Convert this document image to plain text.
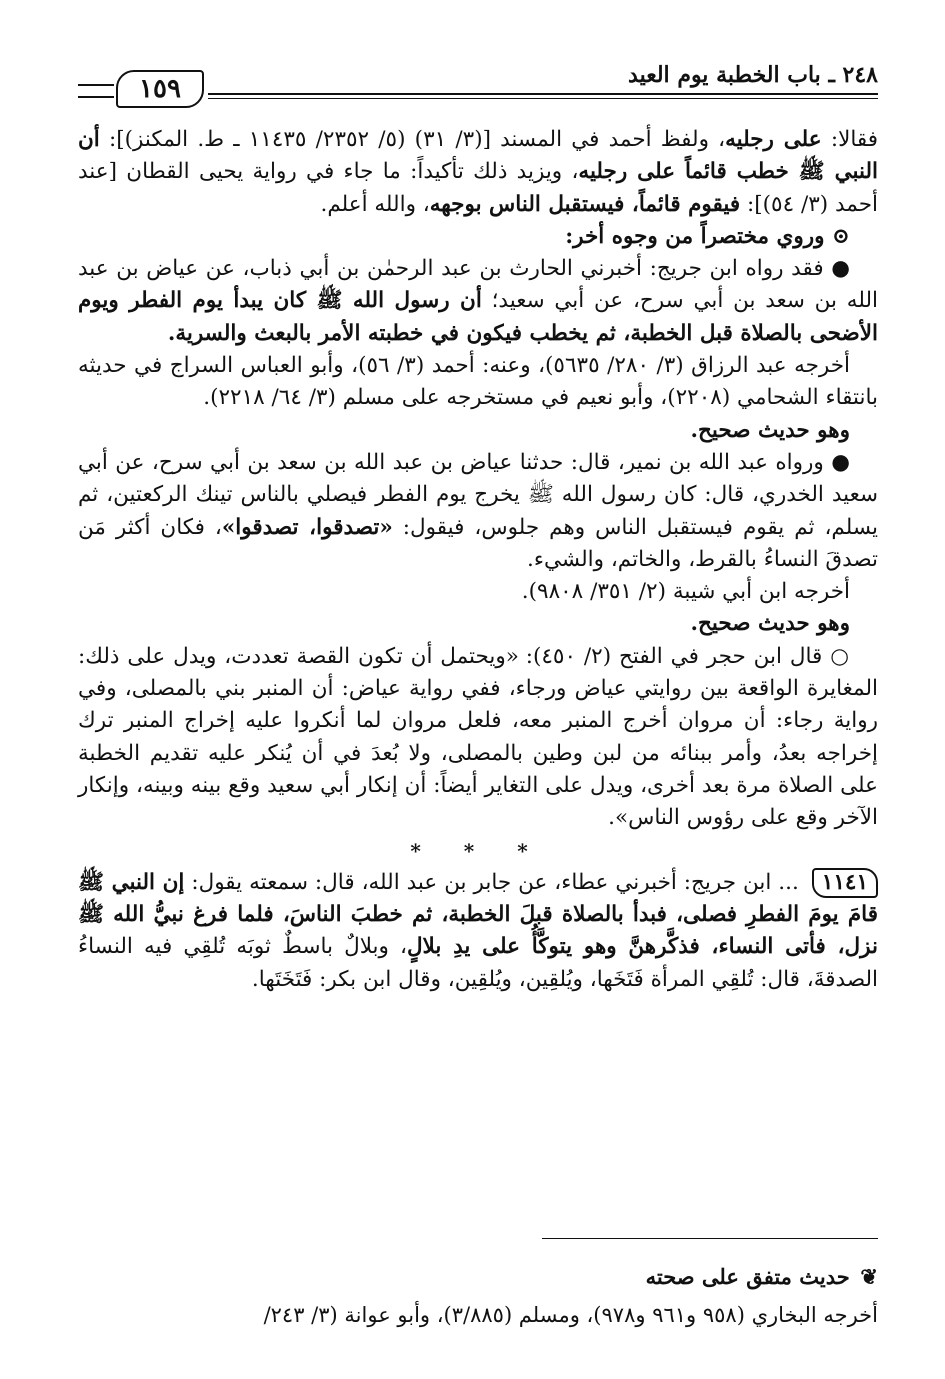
٢٤٨ ـ باب الخطبة يوم العيد
١٥٩

فقالا: على رجليه، ولفظ أحمد في المسند [(٣/ ٣١) (٥/ ٢٣٥٢/ ١١٤٣٥ ـ ط. المكنز)]: أن النبي ﷺ خطب قائماً على رجليه، ويزيد ذلك تأكيداً: ما جاء في رواية يحيى القطان [عند أحمد (٣/ ٥٤)]: فيقوم قائماً، فيستقبل الناس بوجهه، والله أعلم.

⊙ وروي مختصراً من وجوه أخر:

● فقد رواه ابن جريج: أخبرني الحارث بن عبد الرحمٰن بن أبي ذباب، عن عياض بن عبد الله بن سعد بن أبي سرح، عن أبي سعيد؛ أن رسول الله ﷺ كان يبدأ يوم الفطر ويوم الأضحى بالصلاة قبل الخطبة، ثم يخطب فيكون في خطبته الأمر بالبعث والسرية.

أخرجه عبد الرزاق (٣/ ٢٨٠/ ٥٦٣٥)، وعنه: أحمد (٣/ ٥٦)، وأبو العباس السراج في حديثه بانتقاء الشحامي (٢٢٠٨)، وأبو نعيم في مستخرجه على مسلم (٣/ ٦٤/ ٢٢١٨).

وهو حديث صحيح.

● ورواه عبد الله بن نمير، قال: حدثنا عياض بن عبد الله بن سعد بن أبي سرح، عن أبي سعيد الخدري، قال: كان رسول الله ﷺ يخرج يوم الفطر فيصلي بالناس تينك الركعتين، ثم يسلم، ثم يقوم فيستقبل الناس وهم جلوس، فيقول: «تصدقوا، تصدقوا»، فكان أكثر مَن تصدقَ النساءُ بالقرط، والخاتم، والشيء.

أخرجه ابن أبي شيبة (٢/ ٣٥١/ ٩٨٠٨).

وهو حديث صحيح.

○ قال ابن حجر في الفتح (٢/ ٤٥٠): «ويحتمل أن تكون القصة تعددت، ويدل على ذلك: المغايرة الواقعة بين روايتي عياض ورجاء، ففي رواية عياض: أن المنبر بني بالمصلى، وفي رواية رجاء: أن مروان أخرج المنبر معه، فلعل مروان لما أنكروا عليه إخراج المنبر ترك إخراجه بعدُ، وأمر ببنائه من لبن وطين بالمصلى، ولا بُعدَ في أن يُنكر عليه تقديم الخطبة على الصلاة مرة بعد أخرى، ويدل على التغاير أيضاً: أن إنكار أبي سعيد وقع بينه وبينه، وإنكار الآخر وقع على رؤوس الناس».

* * *

١١٤١ ... ابن جريج: أخبرني عطاء، عن جابر بن عبد الله، قال: سمعته يقول: إن النبي ﷺ قامَ يومَ الفطرِ فصلى، فبدأ بالصلاة قبلَ الخطبة، ثم خطبَ الناسَ، فلما فرغ نبيُّ الله ﷺ نزل، فأتى النساء، فذكَّرهنَّ وهو يتوكَّأُ على يدِ بلالٍ، وبلالٌ باسطٌ ثوبَه تُلقِي فيه النساءُ الصدقةَ، قال: تُلقِي المرأة فَتَخَها، ويُلقِين، ويُلقِين، وقال ابن بكر: فَتَخَتَها.

❦ حديث متفق على صحته
أخرجه البخاري (٩٥٨ و٩٦١ و٩٧٨)، ومسلم (٣/٨٨٥)، وأبو عوانة (٣/ ٢٤٣/
